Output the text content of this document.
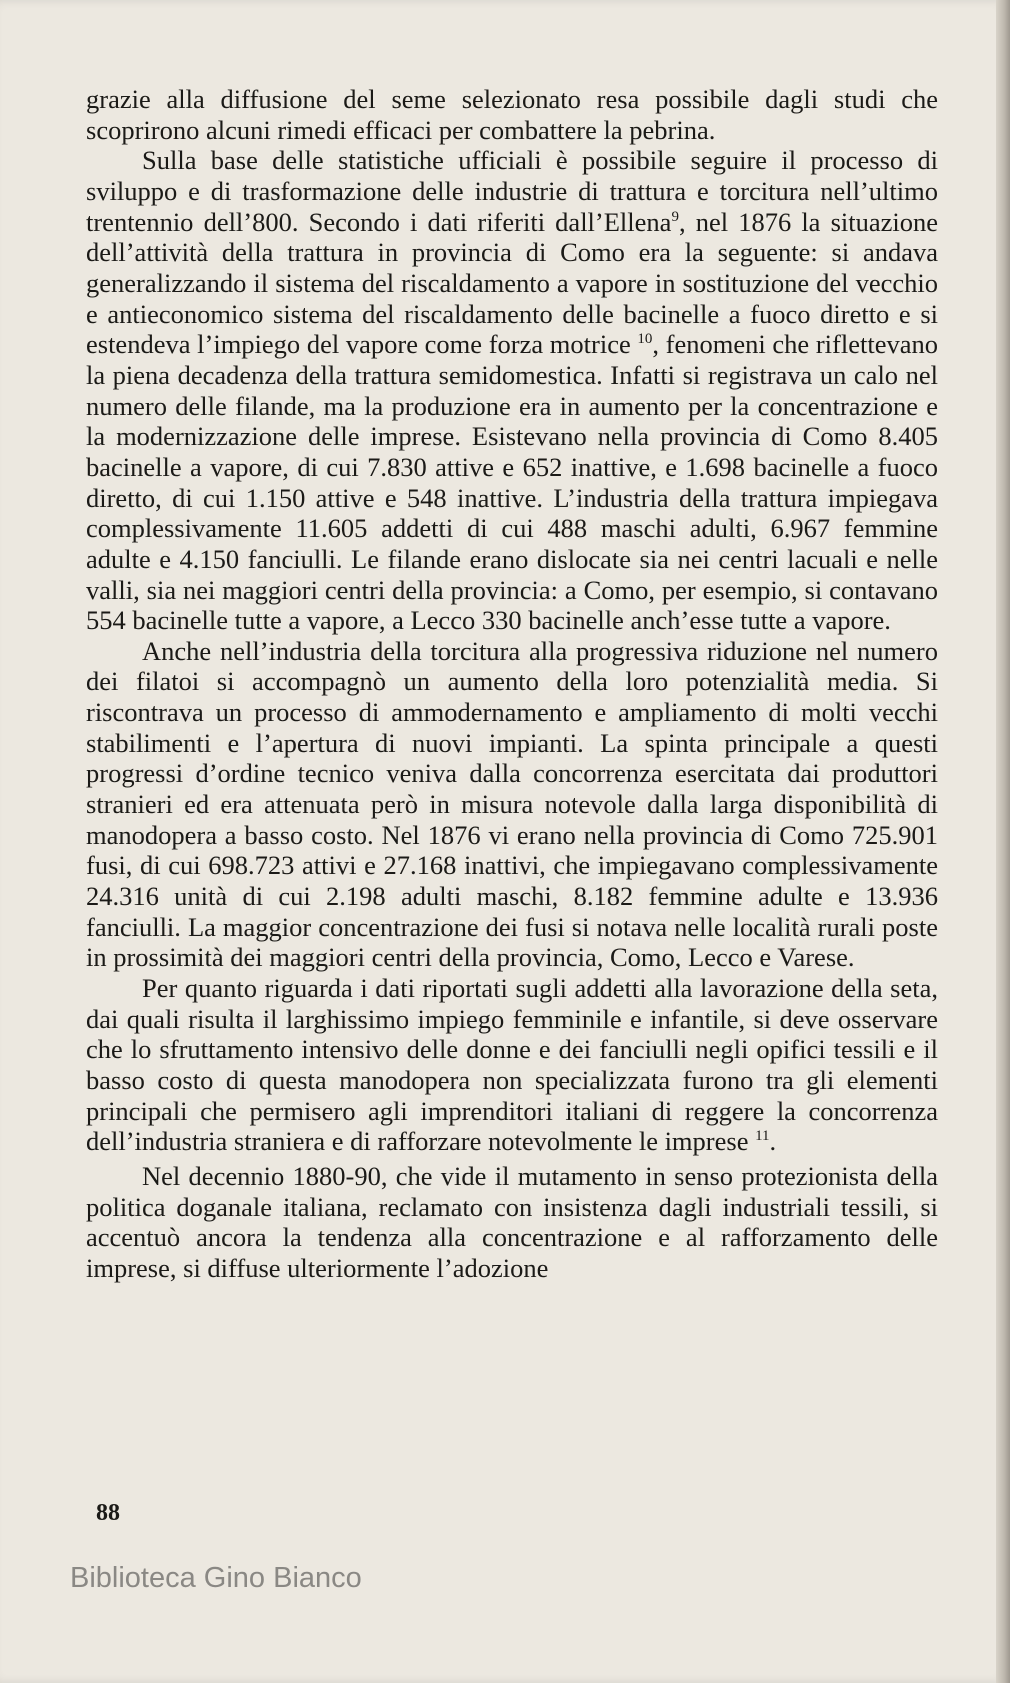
grazie alla diffusione del seme selezionato resa possibile dagli studi che scoprirono alcuni rimedi efficaci per combattere la pebrina.

Sulla base delle statistiche ufficiali è possibile seguire il processo di sviluppo e di trasformazione delle industrie di trattura e torcitura nell’ultimo trentennio dell’800. Secondo i dati riferiti dall’Ellena$^9$, nel 1876 la situazione dell’attività della trattura in provincia di Como era la seguente: si andava generalizzando il sistema del riscaldamento a vapore in sostituzione del vecchio e antieconomico sistema del riscaldamento delle bacinelle a fuoco diretto e si estendeva l’impiego del vapore come forza motrice $^{10}$, fenomeni che riflettevano la piena decadenza della trattura semidomestica. Infatti si registrava un calo nel numero delle filande, ma la produzione era in aumento per la concentrazione e la modernizzazione delle imprese. Esistevano nella provincia di Como 8.405 bacinelle a vapore, di cui 7.830 attive e 652 inattive, e 1.698 bacinelle a fuoco diretto, di cui 1.150 attive e 548 inattive. L’industria della trattura impiegava complessivamente 11.605 addetti di cui 488 maschi adulti, 6.967 femmine adulte e 4.150 fanciulli. Le filande erano dislocate sia nei centri lacuali e nelle valli, sia nei maggiori centri della provincia: a Como, per esempio, si contavano 554 bacinelle tutte a vapore, a Lecco 330 bacinelle anch’esse tutte a vapore.

Anche nell’industria della torcitura alla progressiva riduzione nel numero dei filatoi si accompagnò un aumento della loro potenzialità media. Si riscontrava un processo di ammodernamento e ampliamento di molti vecchi stabilimenti e l’apertura di nuovi impianti. La spinta principale a questi progressi d’ordine tecnico veniva dalla concorrenza esercitata dai produttori stranieri ed era attenuata però in misura notevole dalla larga disponibilità di manodopera a basso costo. Nel 1876 vi erano nella provincia di Como 725.901 fusi, di cui 698.723 attivi e 27.168 inattivi, che impiegavano complessivamente 24.316 unità di cui 2.198 adulti maschi, 8.182 femmine adulte e 13.936 fanciulli. La maggior concentrazione dei fusi si notava nelle località rurali poste in prossimità dei maggiori centri della provincia, Como, Lecco e Varese.

Per quanto riguarda i dati riportati sugli addetti alla lavorazione della seta, dai quali risulta il larghissimo impiego femminile e infantile, si deve osservare che lo sfruttamento intensivo delle donne e dei fanciulli negli opifici tessili e il basso costo di questa manodopera non specializzata furono tra gli elementi principali che permisero agli imprenditori italiani di reggere la concorrenza dell’industria straniera e di rafforzare notevolmente le imprese $^{11}$.

Nel decennio 1880-90, che vide il mutamento in senso protezionista della politica doganale italiana, reclamato con insistenza dagli industriali tessili, si accentuò ancora la tendenza alla concentrazione e al rafforzamento delle imprese, si diffuse ulteriormente l’adozione

88
Biblioteca Gino Bianco
